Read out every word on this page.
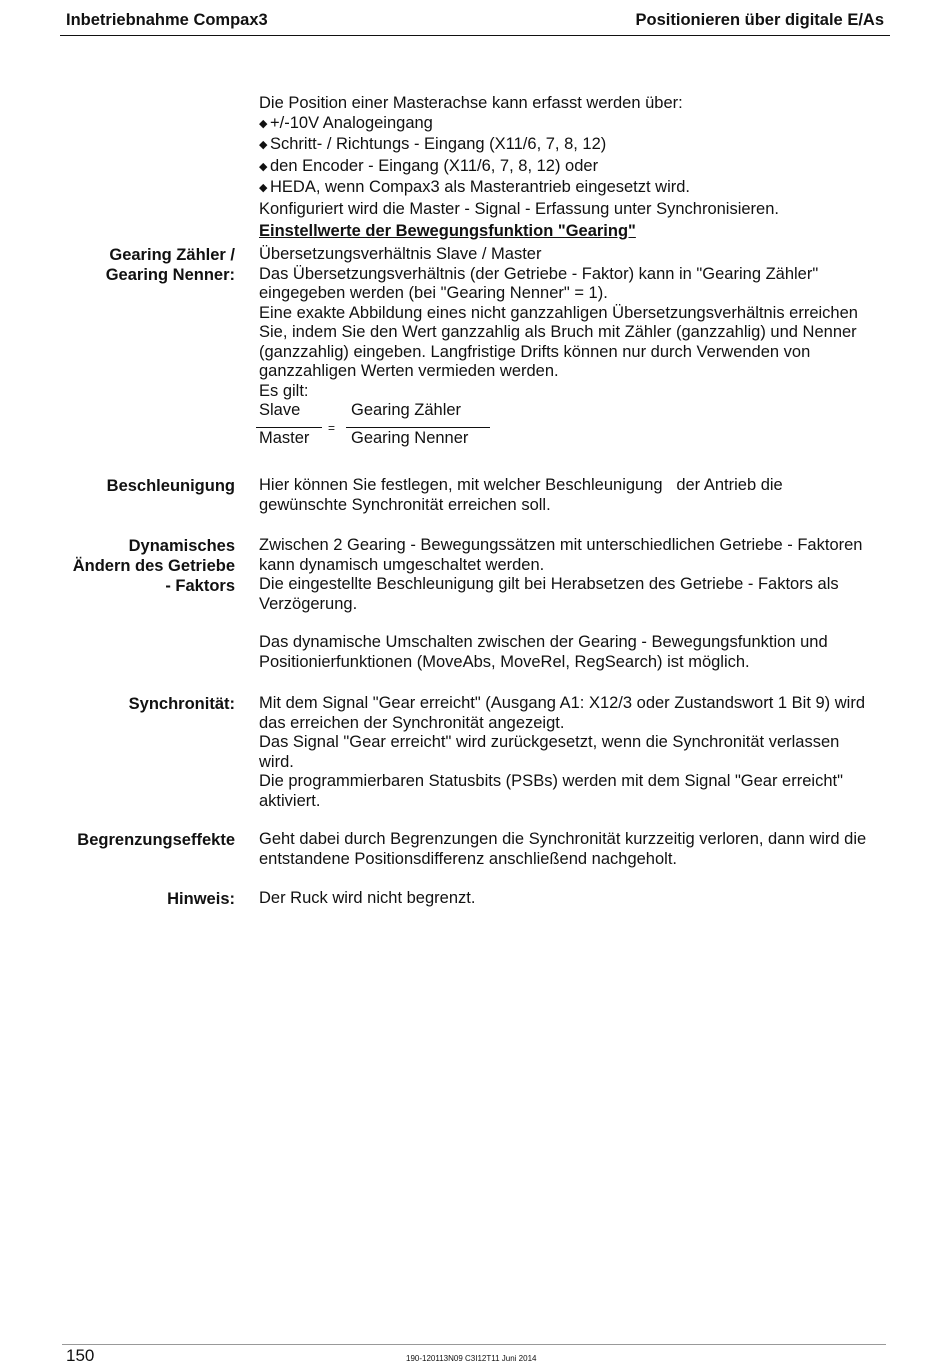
Inbetriebnahme Compax3	Positionieren über digitale E/As
Die Position einer Masterachse kann erfasst werden über:
◆ +/-10V Analogeingang
◆ Schritt- / Richtungs - Eingang (X11/6, 7, 8, 12)
◆ den Encoder - Eingang (X11/6, 7, 8, 12) oder
◆ HEDA, wenn Compax3 als Masterantrieb eingesetzt wird.
Konfiguriert wird die Master - Signal - Erfassung unter Synchronisieren.
Einstellwerte der Bewegungsfunktion "Gearing"
Gearing Zähler /
Gearing Nenner:
Übersetzungsverhältnis Slave / Master
Das Übersetzungsverhältnis (der Getriebe - Faktor) kann in "Gearing Zähler"
eingegeben werden (bei "Gearing Nenner" = 1).
Eine exakte Abbildung eines nicht ganzzahligen Übersetzungsverhältnis erreichen
Sie, indem Sie den Wert ganzzahlig als Bruch mit Zähler (ganzzahlig) und Nenner
(ganzzahlig) eingeben. Langfristige Drifts können nur durch Verwenden von
ganzzahligen Werten vermieden werden.
Es gilt:
Slave
Master
=
Gearing Zähler
Gearing Nenner
Beschleunigung Hier können Sie festlegen, mit welcher Beschleunigung   der Antrieb die
gewünschte Synchronität erreichen soll.
Dynamisches
Ändern des Getriebe
- Faktors
Zwischen 2 Gearing - Bewegungssätzen mit unterschiedlichen Getriebe - Faktoren
kann dynamisch umgeschaltet werden.
Die eingestellte Beschleunigung gilt bei Herabsetzen des Getriebe - Faktors als
Verzögerung.
Das dynamische Umschalten zwischen der Gearing - Bewegungsfunktion und
Positionierfunktionen (MoveAbs, MoveRel, RegSearch) ist möglich.
Synchronität: Mit dem Signal "Gear erreicht" (Ausgang A1: X12/3 oder Zustandswort 1 Bit 9) wird
das erreichen der Synchronität angezeigt.
Das Signal "Gear erreicht" wird zurückgesetzt, wenn die Synchronität verlassen
wird.
Die programmierbaren Statusbits (PSBs) werden mit dem Signal "Gear erreicht"
aktiviert.
Begrenzungseffekte Geht dabei durch Begrenzungen die Synchronität kurzzeitig verloren, dann wird die
entstandene Positionsdifferenz anschließend nachgeholt.
Hinweis: Der Ruck wird nicht begrenzt.
150	190-120113N09 C3I12T11 Juni 2014
